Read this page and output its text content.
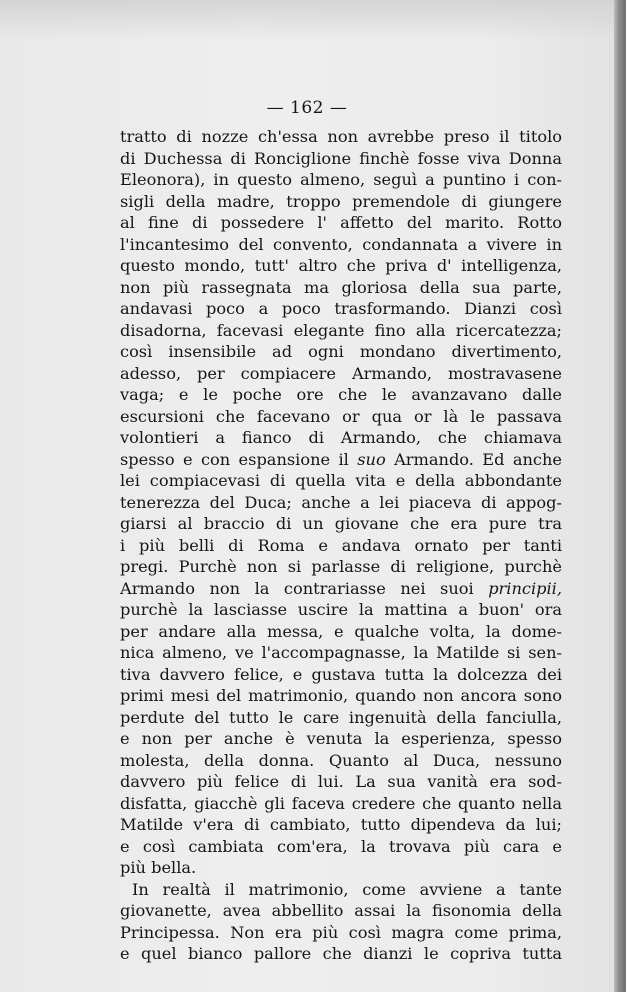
— 162 —
tratto di nozze ch'essa non avrebbe preso il titolo
di Duchessa di Ronciglione finchè fosse viva Donna
Eleonora), in questo almeno, seguì a puntino i con-
sigli della madre, troppo premendole di giungere
al fine di possedere l' affetto del marito. Rotto
l'incantesimo del convento, condannata a vivere in
questo mondo, tutt' altro che priva d' intelligenza,
non più rassegnata ma gloriosa della sua parte,
andavasi poco a poco trasformando. Dianzi così
disadorna, facevasi elegante fino alla ricercatezza;
così insensibile ad ogni mondano divertimento,
adesso, per compiacere Armando, mostravasene
vaga; e le poche ore che le avanzavano dalle
escursioni che facevano or qua or là le passava
volontieri a fianco di Armando, che chiamava
spesso e con espansione il suo Armando. Ed anche
lei compiacevasi di quella vita e della abbondante
tenerezza del Duca; anche a lei piaceva di appog-
giarsi al braccio di un giovane che era pure tra
i più belli di Roma e andava ornato per tanti
pregi. Purchè non si parlasse di religione, purchè
Armando non la contrariasse nei suoi principii,
purchè la lasciasse uscire la mattina a buon' ora
per andare alla messa, e qualche volta, la dome-
nica almeno, ve l'accompagnasse, la Matilde si sen-
tiva davvero felice, e gustava tutta la dolcezza dei
primi mesi del matrimonio, quando non ancora sono
perdute del tutto le care ingenuità della fanciulla,
e non per anche è venuta la esperienza, spesso
molesta, della donna. Quanto al Duca, nessuno
davvero più felice di lui. La sua vanità era sod-
disfatta, giacchè gli faceva credere che quanto nella
Matilde v'era di cambiato, tutto dipendeva da lui;
e così cambiata com'era, la trovava più cara e
più bella.
In realtà il matrimonio, come avviene a tante
giovanette, avea abbellito assai la fisonomia della
Principessa. Non era più così magra come prima,
e quel bianco pallore che dianzi le copriva tutta
